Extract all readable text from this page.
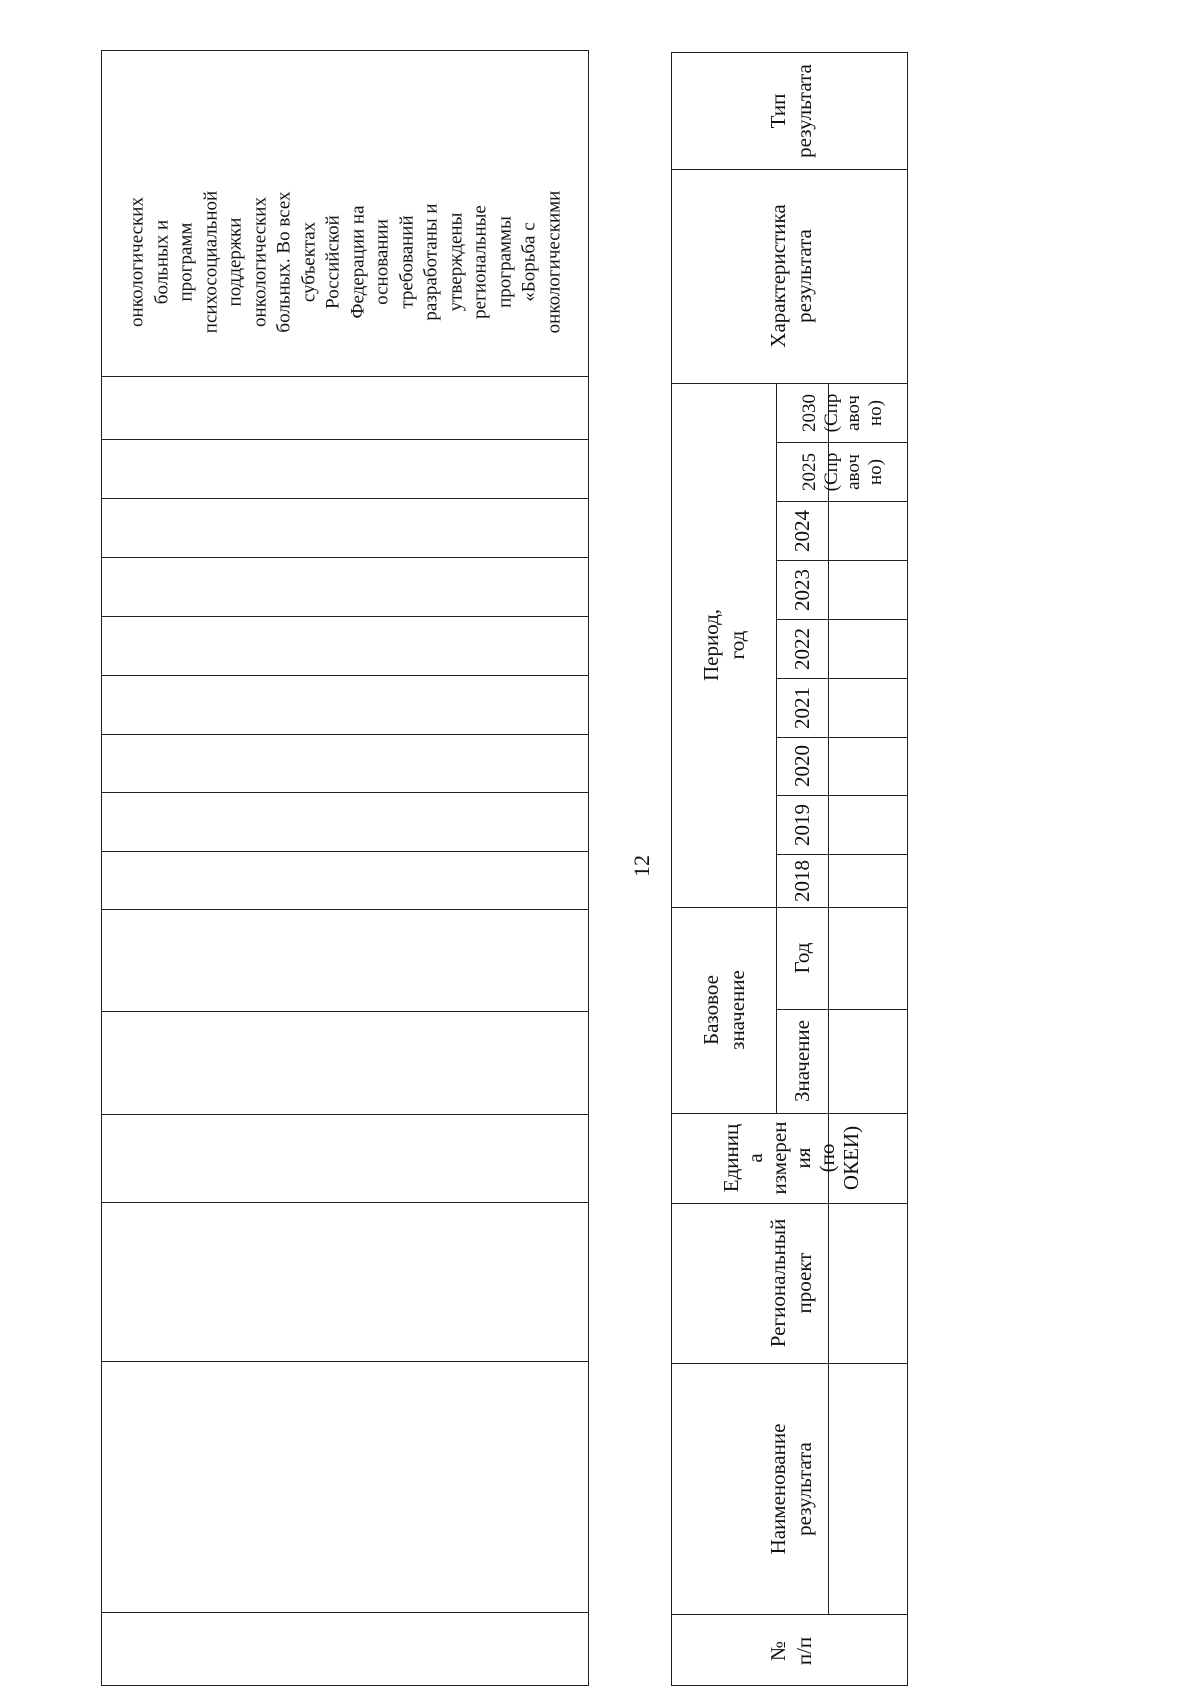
онкологических
больных и
программ
психосоциальной
поддержки
онкологических
больных. Во всех
субъектах
Российской
Федерации на
основании
требований
разработаны и
утверждены
региональные
программы
«Борьба с
онкологическими
12
Тип
результата
Характеристика
результата
Период, год
2030
(Спр
авоч
но)
2025
(Спр
авоч
но)
2024
2023
2022
2021
2020
2019
2018
Базовое значение
Год
Значение
Единиц
а
измерен
ия
(по
ОКЕИ)
Региональный
проект
Наименование
результата
№
п/п
